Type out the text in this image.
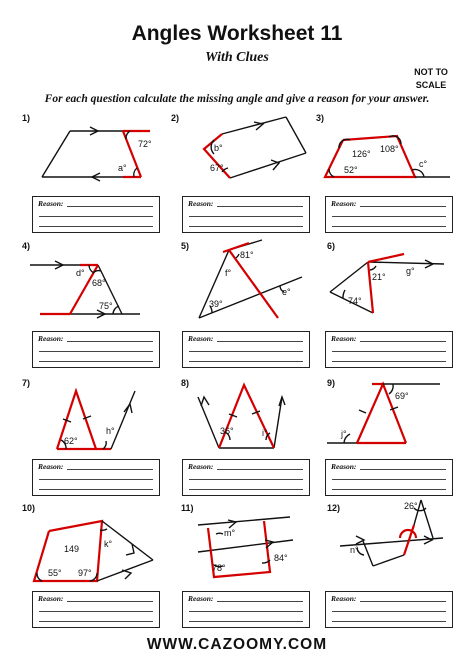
Angles Worksheet 11
With Clues
NOT TO
SCALE
For each question calculate the missing angle and give a reason for your answer.
1)	2)	3)
4)	5)	6)
7)	8)	9)
10)	11)	12)
72°
a°
b°
67°
126° 108°
52°
c°
d°
68°
75°
81°
f°
e°
39°
21°
g°
74°
62°
h°	36°	i°
69°
j°
149	k°
55° 97°
m°
84°
78°
26°
n°
Reason:	Reason:	Reason:
Reason:	Reason:	Reason:
Reason:	Reason:	Reason:
Reason:	Reason:	Reason:
WWW.CAZOOMY.COM
